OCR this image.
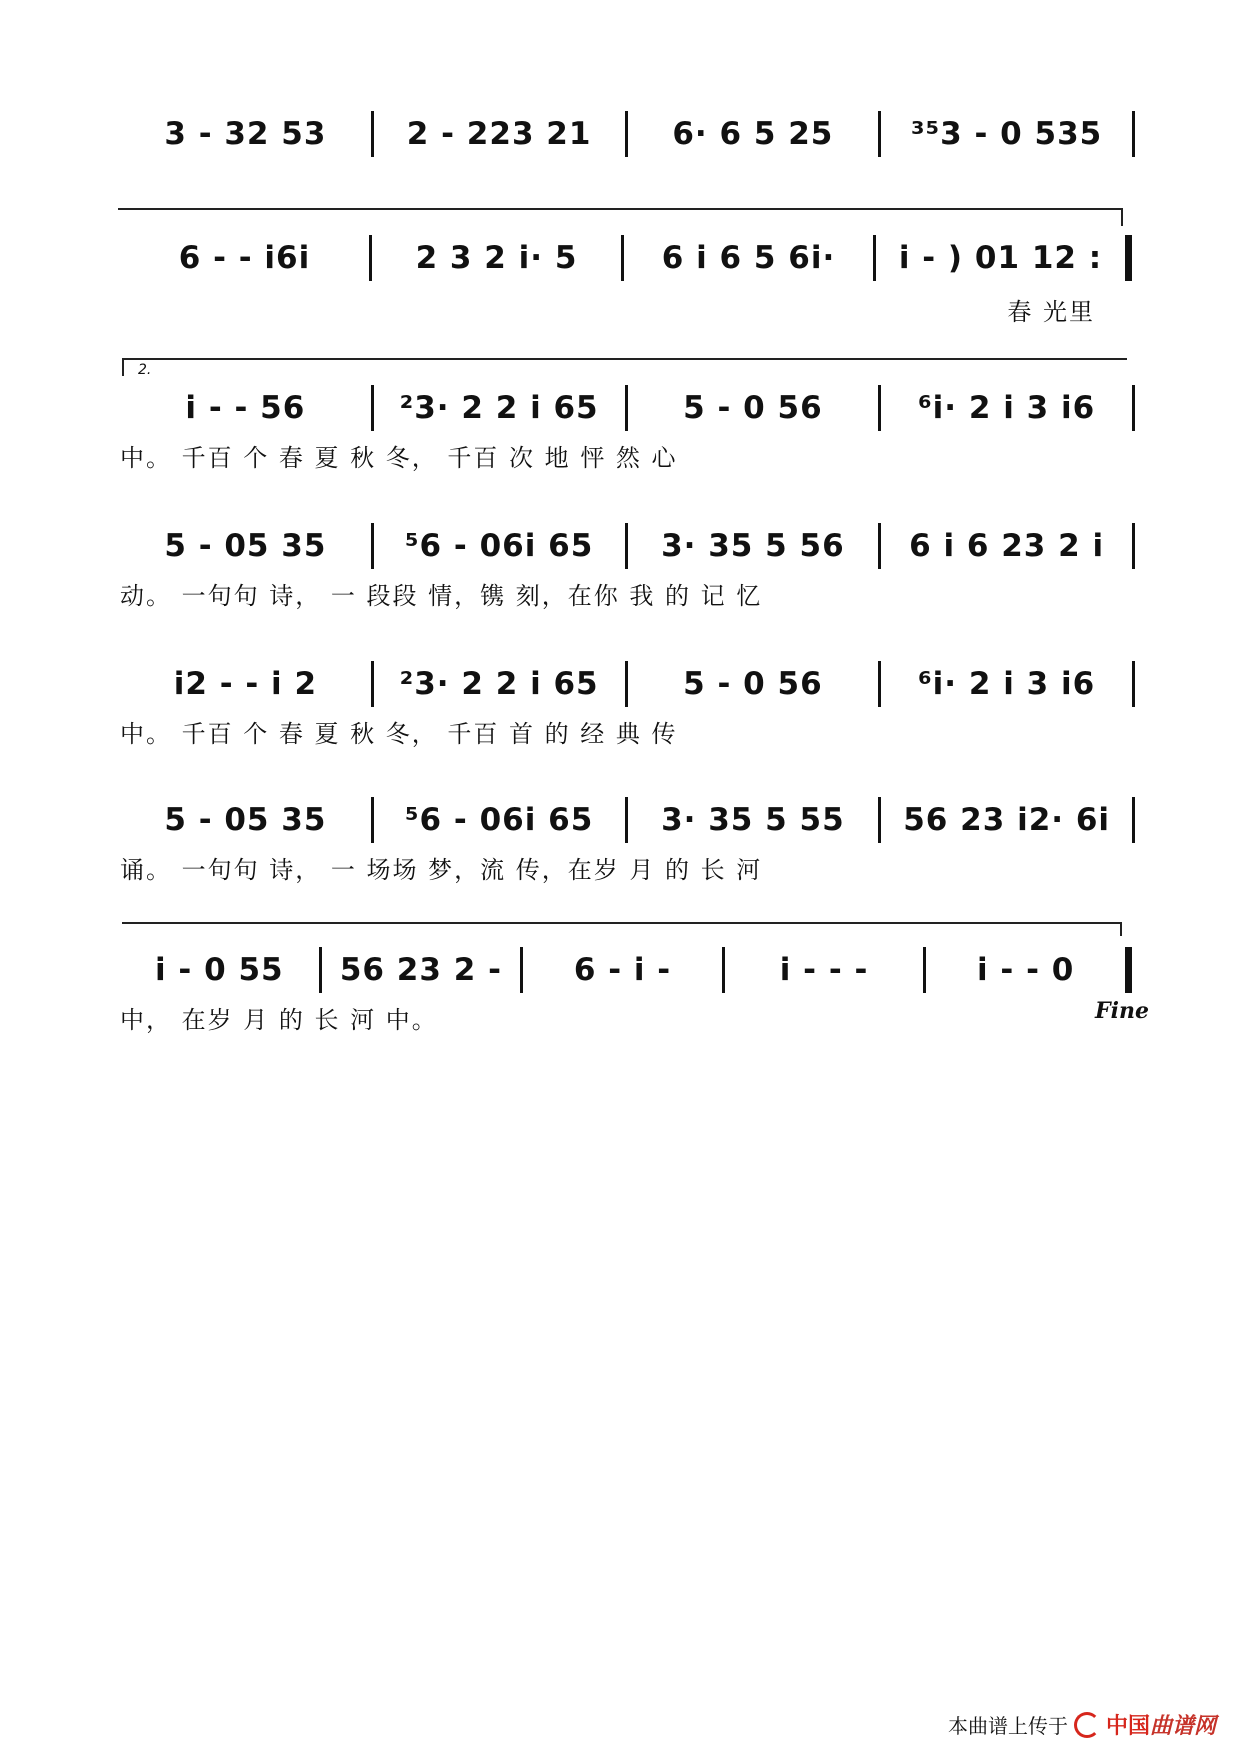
3 - 32 53	2 - 223 21	6· 6 5 25	³⁵3 - 0 535
6 - - i6i	2 3 2 i· 5	6 i 6 5 6i·	i - ) 01 12 :
春 光里
2.
i - - 56	²3· 2 2 i 65	5 - 0 56	⁶i· 2 i 3 i6
中。 千百 个 春 夏 秋 冬， 千百 次 地 怦 然 心
5 - 05 35	⁵6 - 06i 65	3· 35 5 56	6 i 6 23 2 i
动。 一句句 诗， 一 段段 情，镌 刻，在你 我 的 记 忆
i2 - - i 2	²3· 2 2 i 65	5 - 0 56	⁶i· 2 i 3 i6
中。 千百 个 春 夏 秋 冬， 千百 首 的 经 典 传
5 - 05 35	⁵6 - 06i 65	3· 35 5 55	56 23 i2· 6i
诵。 一句句 诗， 一 场场 梦，流 传，在岁 月 的 长 河
i - 0 55	56 23 2 -	6 - i -	i - - -	i - - 0
中， 在岁 月 的 长 河 中。	Fine
本曲谱上传于 中国曲谱网
